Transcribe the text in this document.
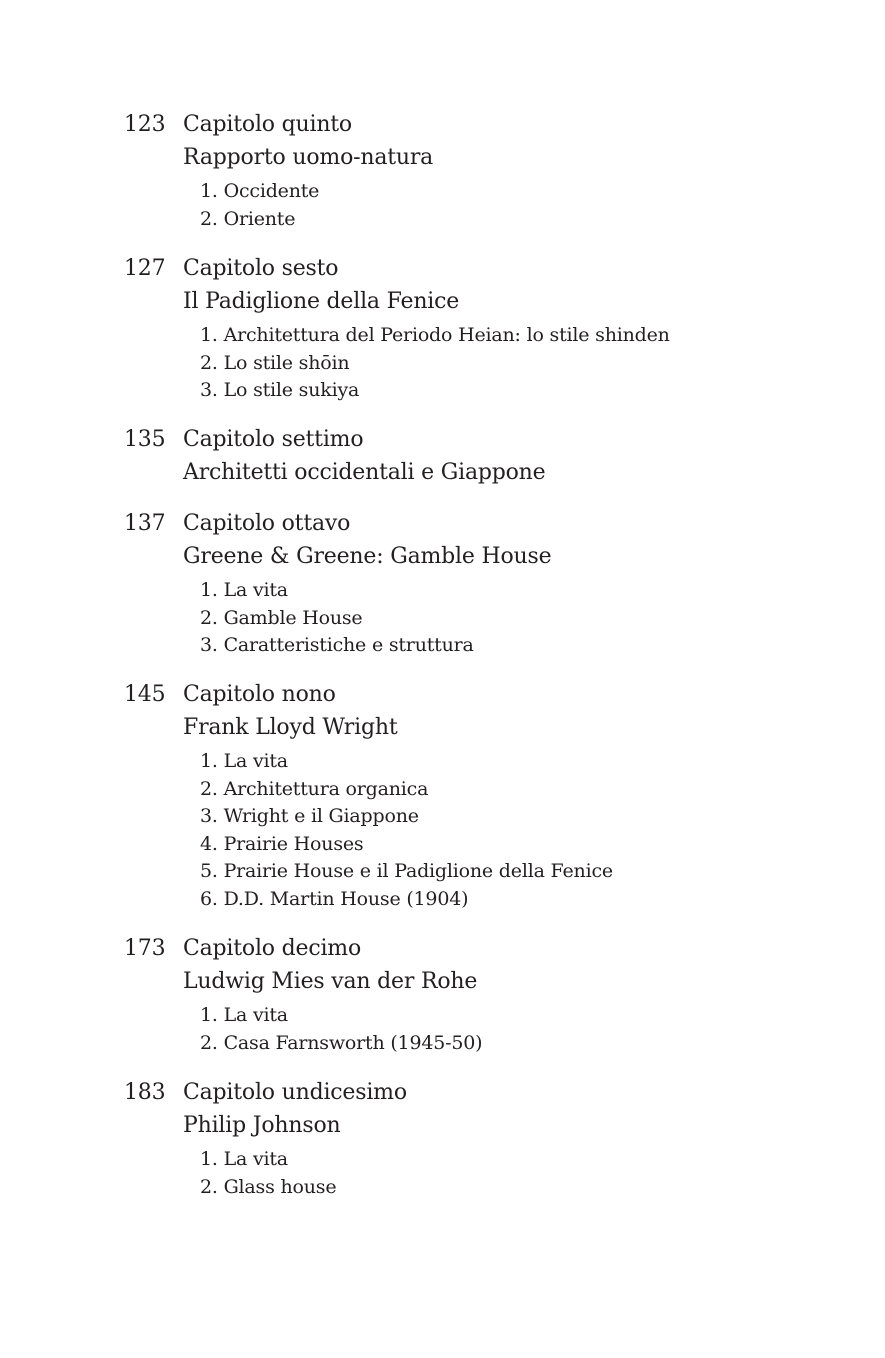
123 Capitolo quinto
Rapporto uomo-natura
1. Occidente
2. Oriente
127 Capitolo sesto
Il Padiglione della Fenice
1. Architettura del Periodo Heian: lo stile shinden
2. Lo stile shōin
3. Lo stile sukiya
135 Capitolo settimo
Architetti occidentali e Giappone
137 Capitolo ottavo
Greene & Greene: Gamble House
1. La vita
2. Gamble House
3. Caratteristiche e struttura
145 Capitolo nono
Frank Lloyd Wright
1. La vita
2. Architettura organica
3. Wright e il Giappone
4. Prairie Houses
5. Prairie House e il Padiglione della Fenice
6. D.D. Martin House (1904)
173 Capitolo decimo
Ludwig Mies van der Rohe
1. La vita
2. Casa Farnsworth (1945-50)
183 Capitolo undicesimo
Philip Johnson
1. La vita
2. Glass house
